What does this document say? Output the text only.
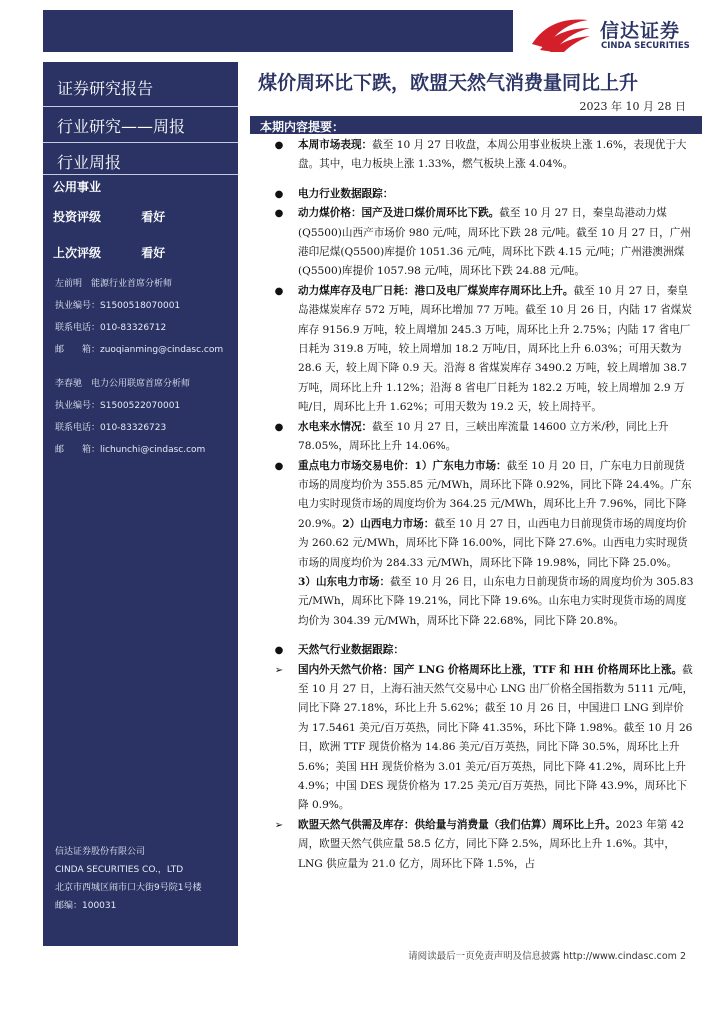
信达证券
CINDA SECURITIES
证券研究报告
行业研究——周报
行业周报
公用事业
投资评级	看好
上次评级	看好
左前明　能源行业首席分析师
执业编号：S1500518070001
联系电话：010-83326712
邮　　箱：zuoqianming@cindasc.com
李春驰　电力公用联席首席分析师
执业编号：S1500522070001
联系电话：010-83326723
邮　　箱：lichunchi@cindasc.com
信达证券股份有限公司
CINDA SECURITIES CO.，LTD
北京市西城区闹市口大街9号院1号楼
邮编：100031
煤价周环比下跌，欧盟天然气消费量同比上升
2023 年 10 月 28 日
本期内容提要：

● 本周市场表现：截至 10 月 27 日收盘，本周公用事业板块上涨 1.6%，表现优于大盘。其中，电力板块上涨 1.33%，燃气板块上涨 4.04%。

● 电力行业数据跟踪：

● 动力煤价格：国产及进口煤价周环比下跌。截至 10 月 27 日，秦皇岛港动力煤(Q5500)山西产市场价 980 元/吨，周环比下跌 28 元/吨。截至 10 月 27 日，广州港印尼煤(Q5500)库提价 1051.36 元/吨，周环比下跌 4.15 元/吨；广州港澳洲煤(Q5500)库提价 1057.98 元/吨，周环比下跌 24.88 元/吨。

● 动力煤库存及电厂日耗：港口及电厂煤炭库存周环比上升。截至 10 月 27 日，秦皇岛港煤炭库存 572 万吨，周环比增加 77 万吨。截至 10 月 26 日，内陆 17 省煤炭库存 9156.9 万吨，较上周增加 245.3 万吨，周环比上升 2.75%；内陆 17 省电厂日耗为 319.8 万吨，较上周增加 18.2 万吨/日，周环比上升 6.03%；可用天数为 28.6 天，较上周下降 0.9 天。沿海 8 省煤炭库存 3490.2 万吨，较上周增加 38.7 万吨，周环比上升 1.12%；沿海 8 省电厂日耗为 182.2 万吨，较上周增加 2.9 万吨/日，周环比上升 1.62%；可用天数为 19.2 天，较上周持平。

● 水电来水情况：截至 10 月 27 日，三峡出库流量 14600 立方米/秒，同比上升 78.05%，周环比上升 14.06%。

● 重点电力市场交易电价：1）广东电力市场：截至 10 月 20 日，广东电力日前现货市场的周度均价为 355.85 元/MWh，周环比下降 0.92%，同比下降 24.4%。广东电力实时现货市场的周度均价为 364.25 元/MWh，周环比上升 7.96%，同比下降 20.9%。2）山西电力市场：截至 10 月 27 日，山西电力日前现货市场的周度均价为 260.62 元/MWh，周环比下降 16.00%，同比下降 27.6%。山西电力实时现货市场的周度均价为 284.33 元/MWh，周环比下降 19.98%，同比下降 25.0%。
3）山东电力市场：截至 10 月 26 日，山东电力日前现货市场的周度均价为 305.83 元/MWh，周环比下降 19.21%，同比下降 19.6%。山东电力实时现货市场的周度均价为 304.39 元/MWh，周环比下降 22.68%，同比下降 20.8%。

● 天然气行业数据跟踪：

➢ 国内外天然气价格：国产 LNG 价格周环比上涨，TTF 和 HH 价格周环比上涨。截至 10 月 27 日，上海石油天然气交易中心 LNG 出厂价格全国指数为 5111 元/吨，同比下降 27.18%，环比上升 5.62%；截至 10 月 26 日，中国进口 LNG 到岸价为 17.5461 美元/百万英热，同比下降 41.35%，环比下降 1.98%。截至 10 月 26 日，欧洲 TTF 现货价格为 14.86 美元/百万英热，同比下降 30.5%，周环比上升 5.6%；美国 HH 现货价格为 3.01 美元/百万英热，同比下降 41.2%，周环比上升 4.9%；中国 DES 现货价格为 17.25 美元/百万英热，同比下降 43.9%，周环比下降 0.9%。

➢ 欧盟天然气供需及库存：供给量与消费量（我们估算）周环比上升。2023 年第 42 周，欧盟天然气供应量 58.5 亿方，同比下降 2.5%，周环比上升 1.6%。其中，LNG 供应量为 21.0 亿方，周环比下降 1.5%，占

请阅读最后一页免责声明及信息披露 http://www.cindasc.com 2
